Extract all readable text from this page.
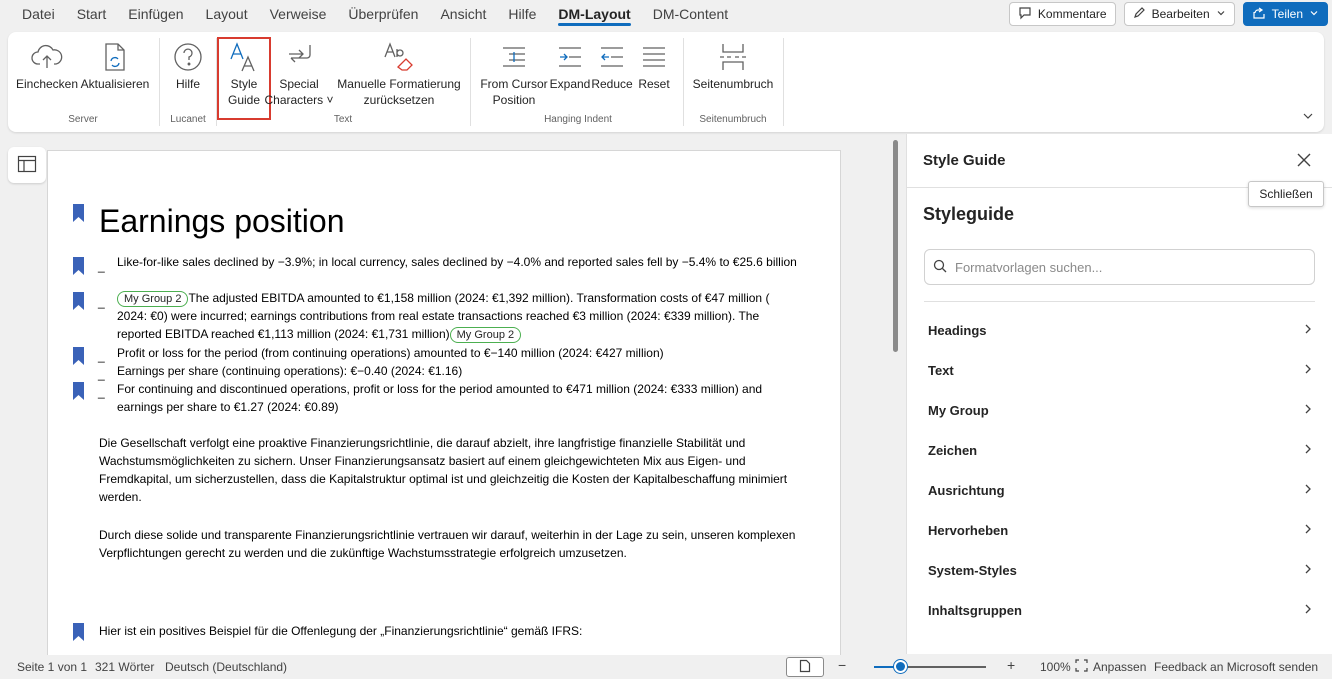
Datei	Start	Einfügen	Layout	Verweise	Überprüfen	Ansicht	Hilfe	DM-Layout	DM-Content	Kommentare	Bearbeiten	Teilen
Einchecken Aktualisieren Hilfe	Style
Guide
Special
Characters ˅
Manuelle Formatierung
zurücksetzen
From Cursor
Position
Expand Reduce Reset Seitenumbruch
Server	Lucanet	Text	Hanging Indent	Seitenumbruch
Earnings position
_ Like-for-like sales declined by −3.9%; in local currency, sales declined by −4.0% and reported sales fell by −5.4% to €25.6 billion
_	My Group 2 The adjusted EBITDA amounted to €1,158 million (2024: €1,392 million). Transformation costs of €47 million ( 2024: €0) were incurred; earnings contributions from real estate transactions reached €3 million (2024: €339 million). The reported EBITDA reached €1,113 million (2024: €1,731 million) My Group 2
_ Profit or loss for the period (from continuing operations) amounted to €−140 million (2024: €427 million)
_ Earnings per share (continuing operations): €−0.40 (2024: €1.16)
_ For continuing and discontinued operations, profit or loss for the period amounted to €471 million (2024: €333 million) and earnings per share to €1.27 (2024: €0.89)
Die Gesellschaft verfolgt eine proaktive Finanzierungsrichtlinie, die darauf abzielt, ihre langfristige finanzielle Stabilität und Wachstumsmöglichkeiten zu sichern. Unser Finanzierungsansatz basiert auf einem gleichgewichteten Mix aus Eigen- und Fremdkapital, um sicherzustellen, dass die Kapitalstruktur optimal ist und gleichzeitig die Kosten der Kapitalbeschaffung minimiert werden.
Durch diese solide und transparente Finanzierungsrichtlinie vertrauen wir darauf, weiterhin in der Lage zu sein, unseren komplexen Verpflichtungen gerecht zu werden und die zukünftige Wachstumsstrategie erfolgreich umzusetzen.
Hier ist ein positives Beispiel für die Offenlegung der „Finanzierungsrichtlinie“ gemäß IFRS:
Style Guide
Styleguide
Formatvorlagen suchen...
Headings
Text
My Group
Zeichen
Ausrichtung
Hervorheben
System-Styles
Inhaltsgruppen
Schließen
Seite 1 von 1 321 Wörter Deutsch (Deutschland)	−	+ 100% Anpassen Feedback an Microsoft senden
